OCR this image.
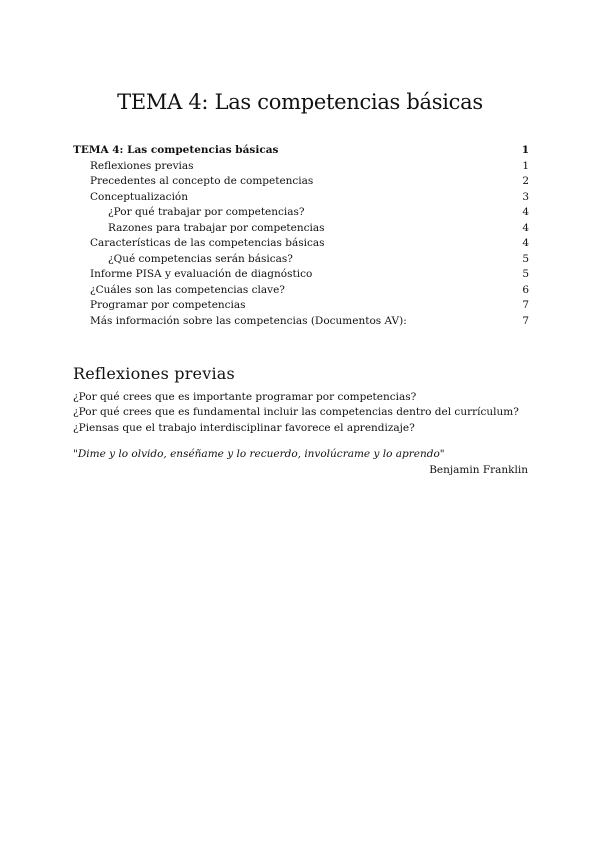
TEMA 4: Las competencias básicas
TEMA 4: Las competencias básicas	1
Reflexiones previas	1
Precedentes al concepto de competencias	2
Conceptualización	3
¿Por qué trabajar por competencias?	4
Razones para trabajar por competencias	4
Características de las competencias básicas	4
¿Qué competencias serán básicas?	5
Informe PISA y evaluación de diagnóstico	5
¿Cuáles son las competencias clave?	6
Programar por competencias	7
Más información sobre las competencias (Documentos AV):	7
Reflexiones previas
¿Por qué crees que es importante programar por competencias?
¿Por qué crees que es fundamental incluir las competencias dentro del currículum?
¿Piensas que el trabajo interdisciplinar favorece el aprendizaje?
"Dime y lo olvido, enséñame y lo recuerdo, involúcrame y lo aprendo"
Benjamin Franklin
